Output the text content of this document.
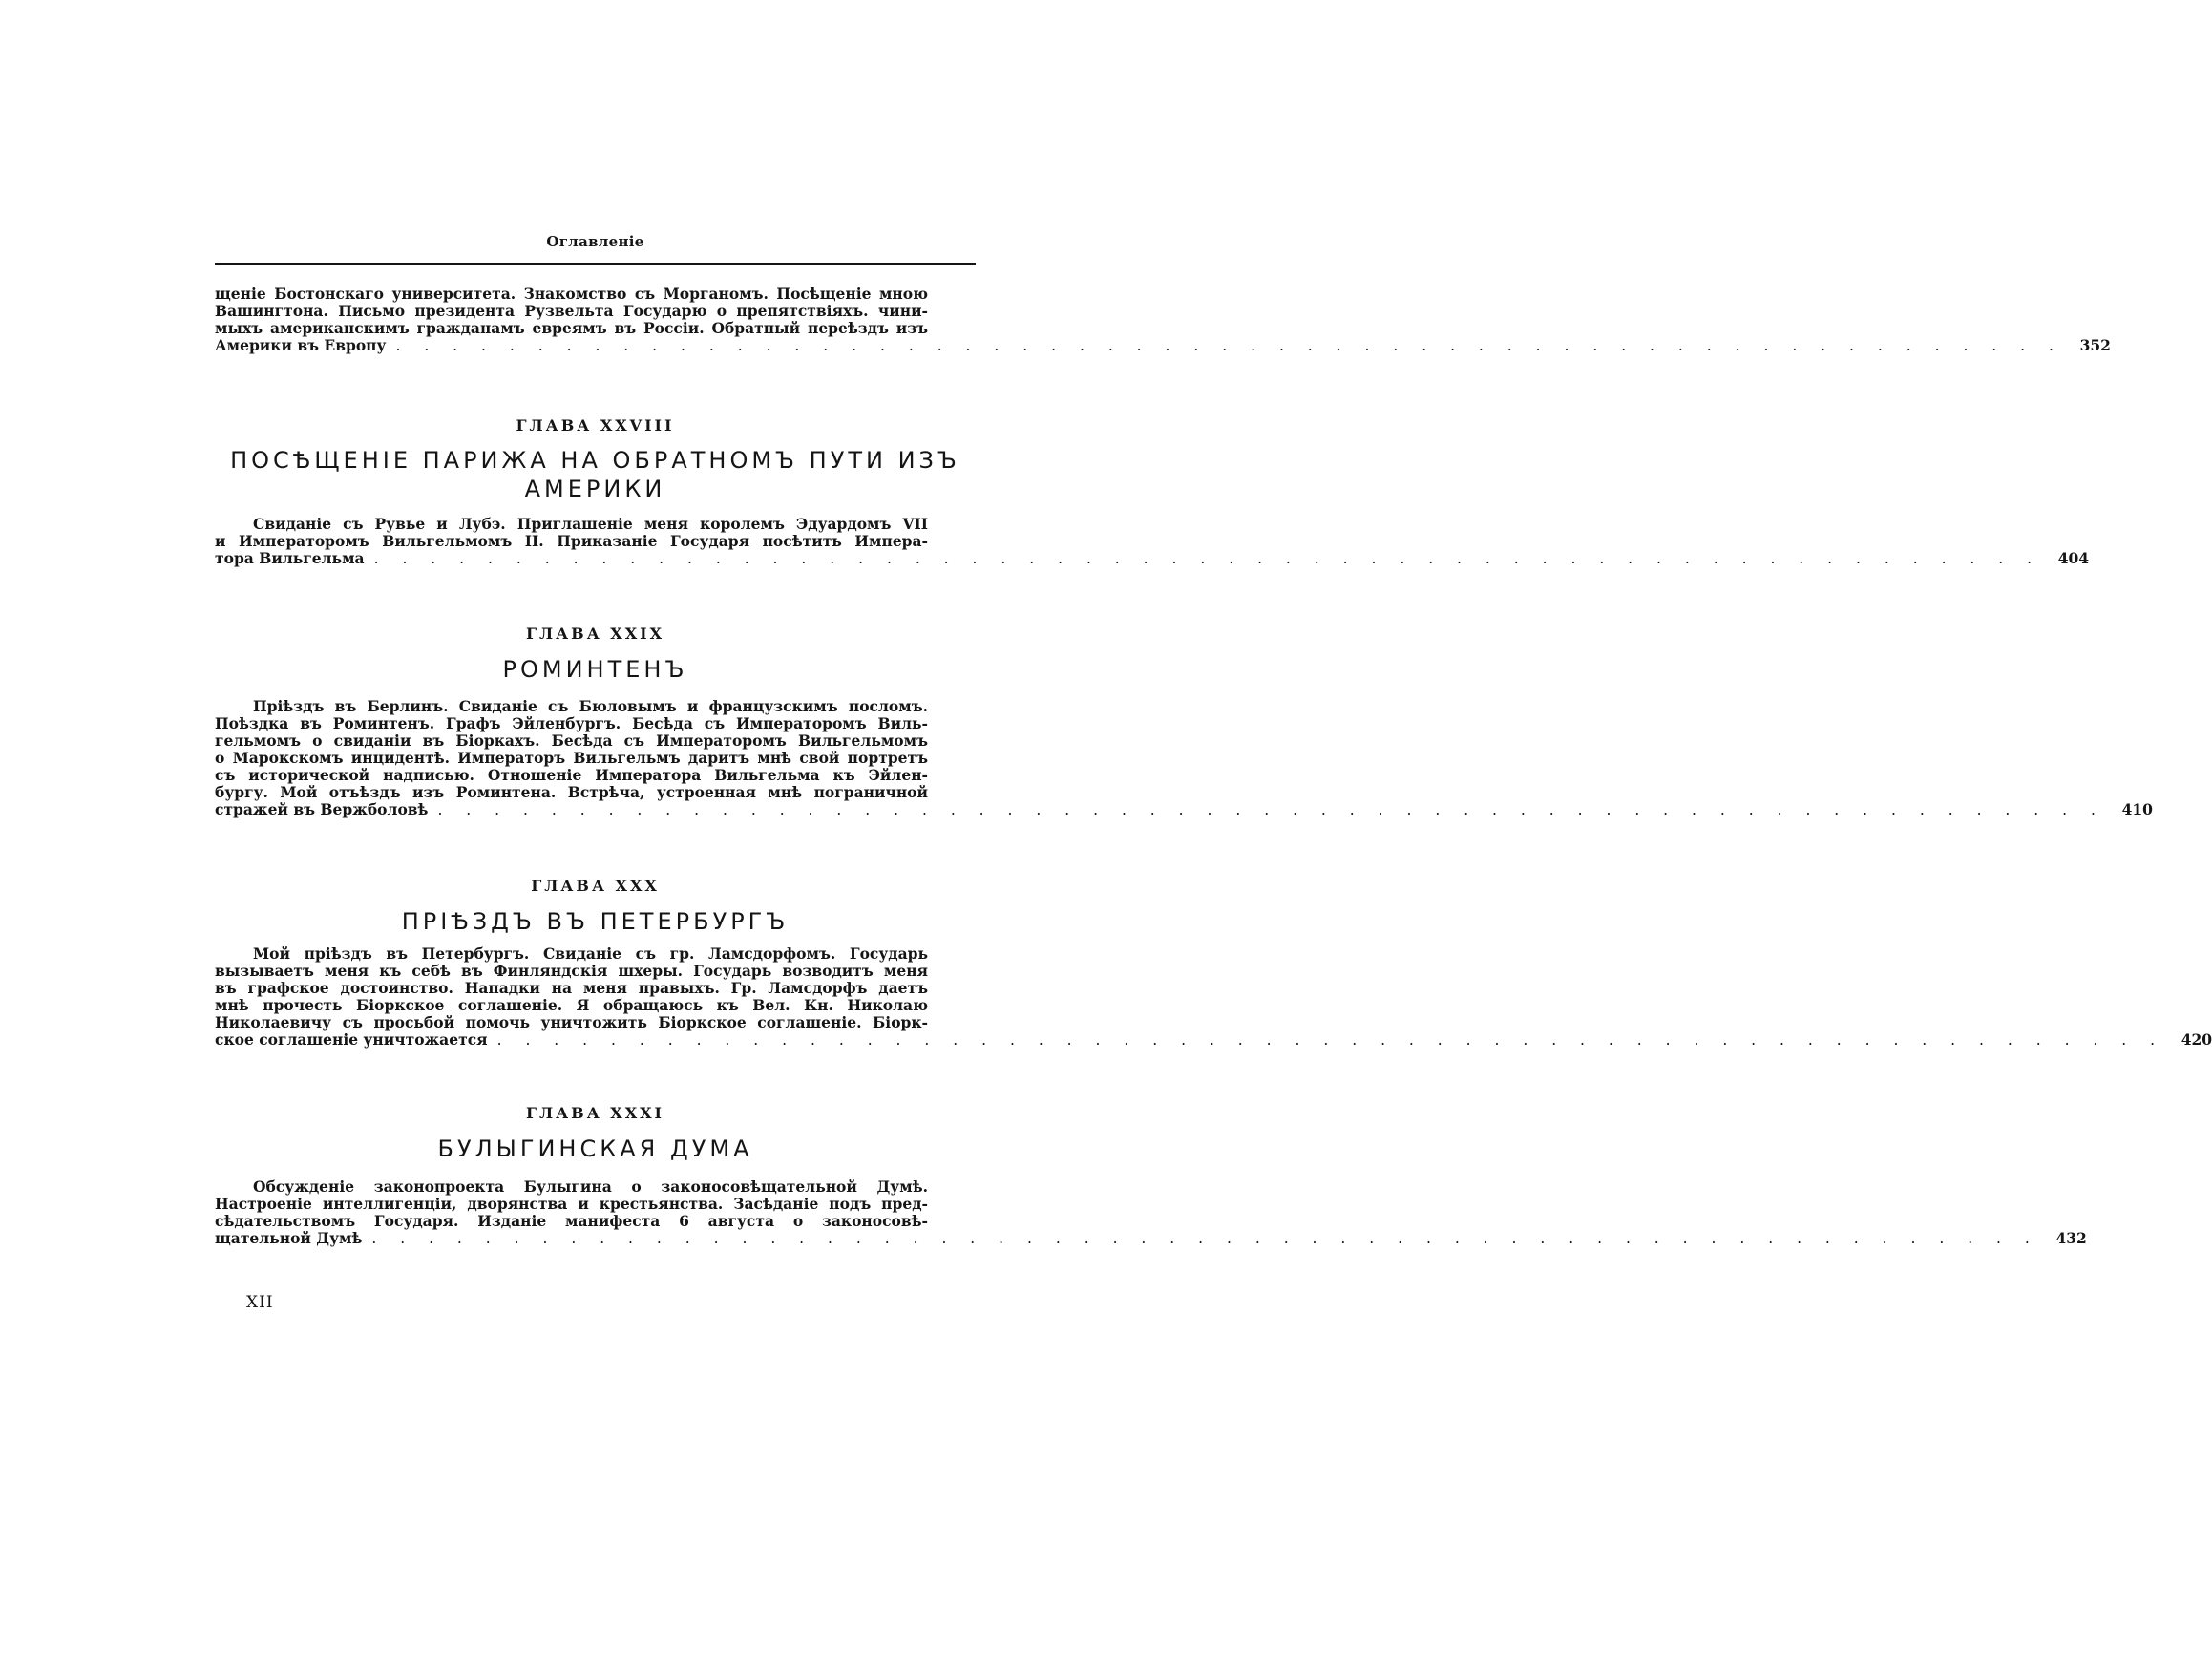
Оглавленіе
щеніе Бостонскаго университета. Знакомство съ Морганомъ. Посѣщеніе мною
Вашингтона. Письмо президента Рузвельта Государю о препятствіяхъ. чини-
мыхъ американскимъ гражданамъ евреямъ въ Россіи. Обратный переѣздъ изъ
Америки въ Европу . . . . . . . . . . . . . . . . . . . . . . . . . . . . . . . . . . . . . . . . . . . . . . . . . . . . . . . . . . .	352
ГЛАВА XXVIII
ПОСѢЩЕНІЕ ПАРИЖА НА ОБРАТНОМЪ ПУТИ ИЗЪ
АМЕРИКИ
Свиданіе съ Рувье и Лубэ. Приглашеніе меня королемъ Эдуардомъ VII
и Императоромъ Вильгельмомъ II. Приказаніе Государя посѣтить Импера-
тора Вильгельма . . . . . . . . . . . . . . . . . . . . . . . . . . . . . . . . . . . . . . . . . . . . . . . . . . . . . . . . . . .	404
ГЛАВА XXIX
РОМИНТЕНЪ
Пріѣздъ въ Берлинъ. Свиданіе съ Бюловымъ и французскимъ посломъ.
Поѣздка въ Роминтенъ. Графъ Эйленбургъ. Бесѣда съ Императоромъ Виль-
гельмомъ о свиданіи въ Біоркахъ. Бесѣда съ Императоромъ Вильгельмомъ
о Марокскомъ инцидентѣ. Императоръ Вильгельмъ даритъ мнѣ свой портретъ
съ исторической надписью. Отношеніе Императора Вильгельма къ Эйлен-
бургу. Мой отъѣздъ изъ Роминтена. Встрѣча, устроенная мнѣ пограничной
стражей въ Вержболовѣ . . . . . . . . . . . . . . . . . . . . . . . . . . . . . . . . . . . . . . . . . . . . . . . . . . . . . . . . . . .	410
ГЛАВА XXX
ПРІѢЗДЪ ВЪ ПЕТЕРБУРГЪ
Мой пріѣздъ въ Петербургъ. Свиданіе съ гр. Ламсдорфомъ. Государь
вызываетъ меня къ себѣ въ Финляндскія шхеры. Государь возводитъ меня
въ графское достоинство. Нападки на меня правыхъ. Гр. Ламсдорфъ даетъ
мнѣ прочесть Біоркское соглашеніе. Я обращаюсь къ Вел. Кн. Николаю
Николаевичу съ просьбой помочь уничтожить Біоркское соглашеніе. Біорк-
ское соглашеніе уничтожается . . . . . . . . . . . . . . . . . . . . . . . . . . . . . . . . . . . . . . . . . . . . . . . . . . . . . . . . . . .	420
ГЛАВА XXXI
БУЛЫГИНСКАЯ ДУМА
Обсужденіе законопроекта Булыгина о законосовѣщательной Думѣ.
Настроеніе интеллигенціи, дворянства и крестьянства. Засѣданіе подъ пред-
сѣдательствомъ Государя. Изданіе манифеста 6 августа о законосовѣ-
щательной Думѣ . . . . . . . . . . . . . . . . . . . . . . . . . . . . . . . . . . . . . . . . . . . . . . . . . . . . . . . . . . .	432
XII
